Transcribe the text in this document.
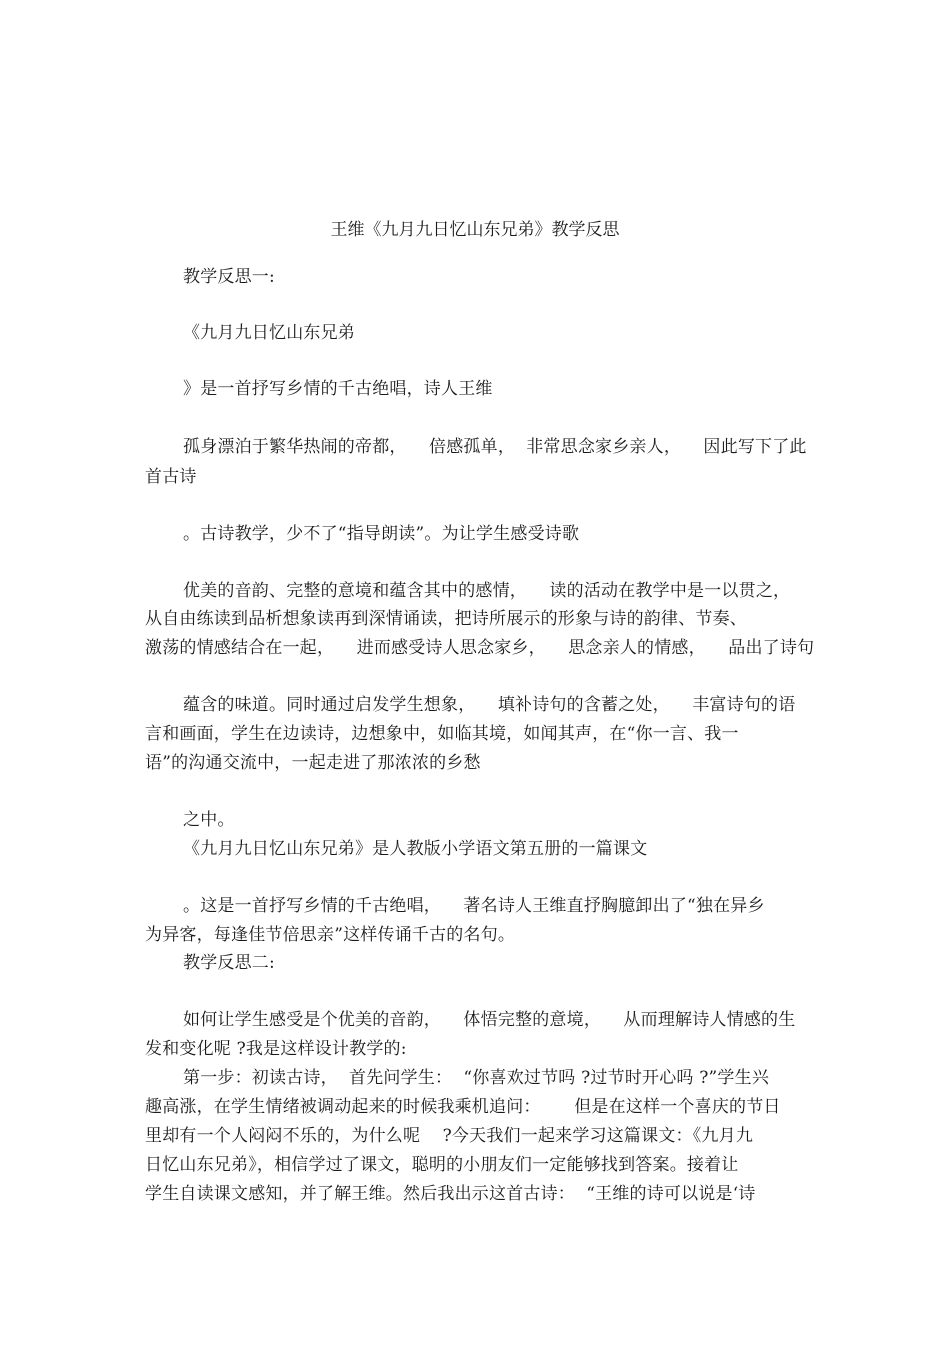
王维《九月九日忆山东兄弟》教学反思
教学反思一:
《九月九日忆山东兄弟
》是一首抒写乡情的千古绝唱，诗人王维
孤身漂泊于繁华热闹的帝都，    倍感孤单，  非常思念家乡亲人，    因此写下了此
首古诗
。古诗教学，少不了“指导朗读”。为让学生感受诗歌
优美的音韵、完整的意境和蕴含其中的感情，    读的活动在教学中是一以贯之，
从自由练读到品析想象读再到深情诵读，把诗所展示的形象与诗的韵律、节奏、
激荡的情感结合在一起，    进而感受诗人思念家乡，    思念亲人的情感，    品出了诗句
蕴含的味道。同时通过启发学生想象，    填补诗句的含蓄之处，    丰富诗句的语
言和画面，学生在边读诗，边想象中，如临其境，如闻其声，在“你一言、我一
语”的沟通交流中，一起走进了那浓浓的乡愁
之中。
《九月九日忆山东兄弟》是人教版小学语文第五册的一篇课文
。这是一首抒写乡情的千古绝唱，    著名诗人王维直抒胸臆卸出了“独在异乡
为异客，每逢佳节倍思亲”这样传诵千古的名句。
教学反思二:
如何让学生感受是个优美的音韵，    体悟完整的意境，    从而理解诗人情感的生
发和变化呢 ?我是这样设计教学的:
第一步：初读古诗，  首先问学生：  “你喜欢过节吗 ?过节时开心吗 ?”学生兴
趣高涨，在学生情绪被调动起来的时候我乘机追问：      但是在这样一个喜庆的节日
里却有一个人闷闷不乐的，为什么呢    ?今天我们一起来学习这篇课文：《九月九
日忆山东兄弟》，相信学过了课文，聪明的小朋友们一定能够找到答案。接着让
学生自读课文感知，并了解王维。然后我出示这首古诗：  “王维的诗可以说是‘诗
